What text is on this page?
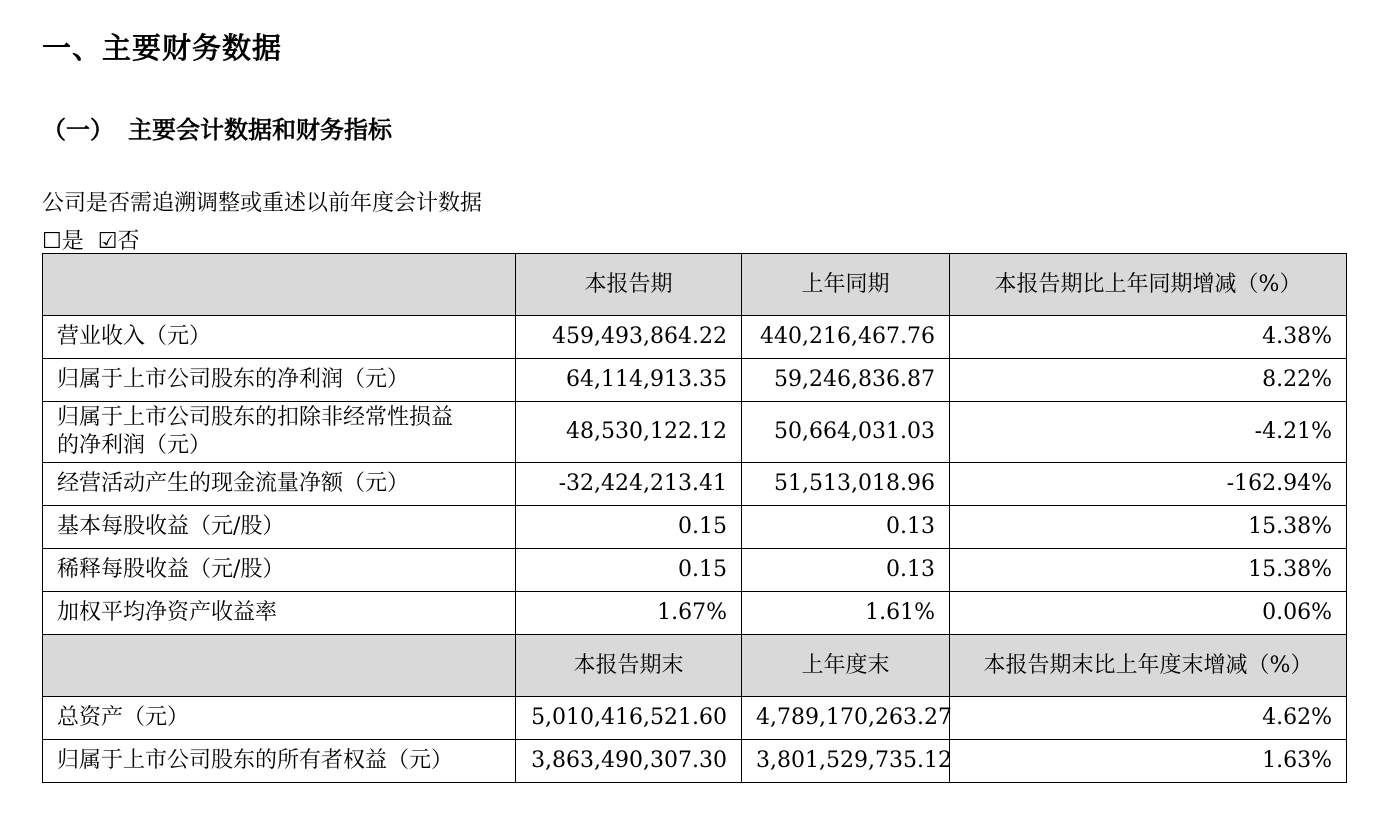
一、主要财务数据
（一） 主要会计数据和财务指标
公司是否需追溯调整或重述以前年度会计数据
☐是 ☑否
	本报告期	上年同期	本报告期比上年同期增减（%）
营业收入（元）	459,493,864.22	440,216,467.76	4.38%
归属于上市公司股东的净利润（元）	64,114,913.35	59,246,836.87	8.22%
归属于上市公司股东的扣除非经常性损益
的净利润（元）	48,530,122.12	50,664,031.03	-4.21%
经营活动产生的现金流量净额（元）	-32,424,213.41	51,513,018.96	-162.94%
基本每股收益（元/股）	0.15	0.13	15.38%
稀释每股收益（元/股）	0.15	0.13	15.38%
加权平均净资产收益率	1.67%	1.61%	0.06%
	本报告期末	上年度末	本报告期末比上年度末增减（%）
总资产（元）	5,010,416,521.60	4,789,170,263.27	4.62%
归属于上市公司股东的所有者权益（元）	3,863,490,307.30	3,801,529,735.12	1.63%
